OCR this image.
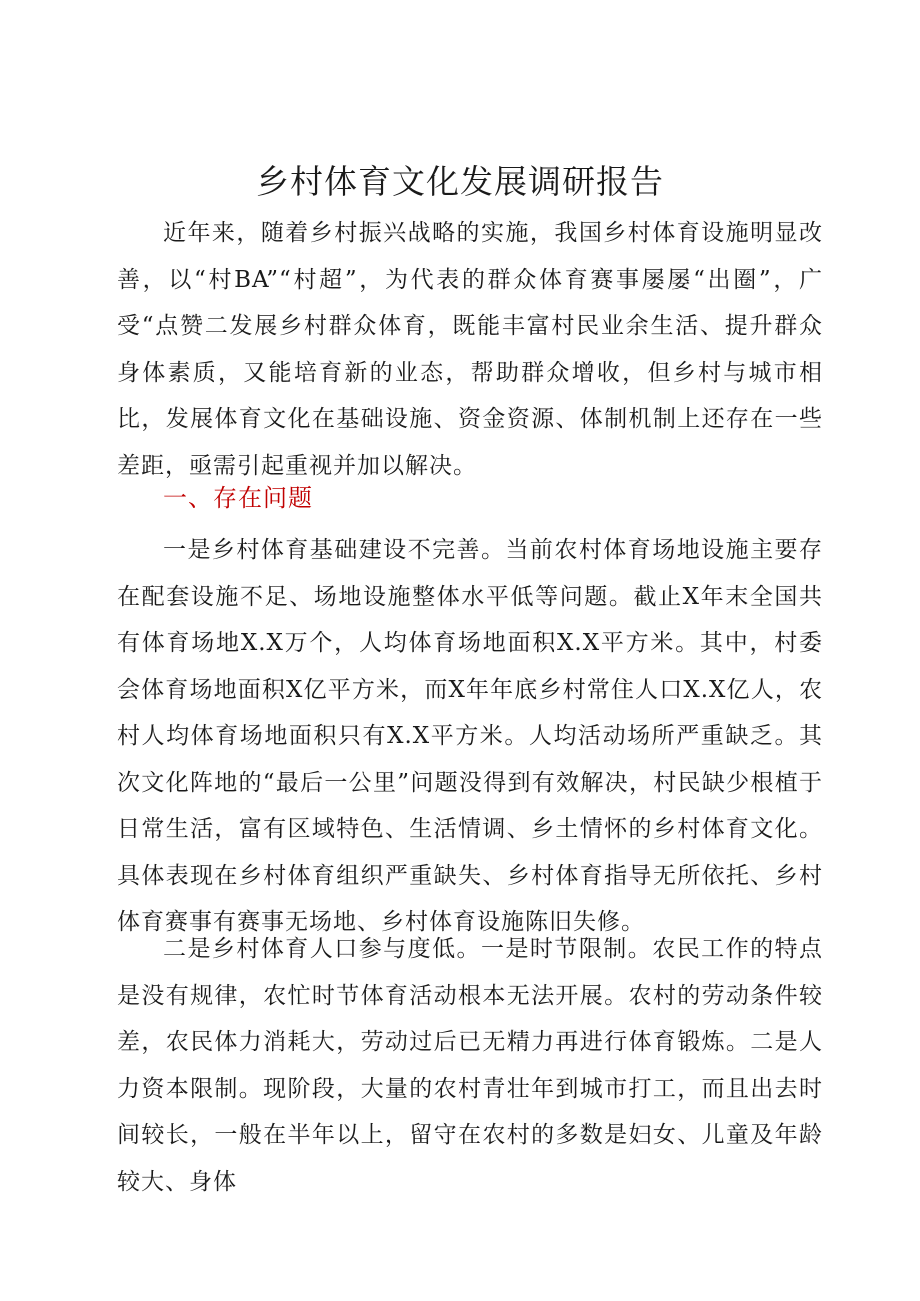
乡村体育文化发展调研报告

近年来，随着乡村振兴战略的实施，我国乡村体育设施明显改善，以“村BA”“村超”，为代表的群众体育赛事屡屡“出圈”，广受“点赞二发展乡村群众体育，既能丰富村民业余生活、提升群众身体素质，又能培育新的业态，帮助群众增收，但乡村与城市相比，发展体育文化在基础设施、资金资源、体制机制上还存在一些差距，亟需引起重视并加以解决。

一、存在问题

一是乡村体育基础建设不完善。当前农村体育场地设施主要存在配套设施不足、场地设施整体水平低等问题。截止X年末全国共有体育场地X.X万个，人均体育场地面积X.X平方米。其中，村委会体育场地面积X亿平方米，而X年年底乡村常住人口X.X亿人，农村人均体育场地面积只有X.X平方米。人均活动场所严重缺乏。其次文化阵地的“最后一公里”问题没得到有效解决，村民缺少根植于日常生活，富有区域特色、生活情调、乡土情怀的乡村体育文化。具体表现在乡村体育组织严重缺失、乡村体育指导无所依托、乡村体育赛事有赛事无场地、乡村体育设施陈旧失修。

二是乡村体育人口参与度低。一是时节限制。农民工作的特点是没有规律，农忙时节体育活动根本无法开展。农村的劳动条件较差，农民体力消耗大，劳动过后已无精力再进行体育锻炼。二是人力资本限制。现阶段，大量的农村青壮年到城市打工，而且出去时间较长，一般在半年以上，留守在农村的多数是妇女、儿童及年龄较大、身体
